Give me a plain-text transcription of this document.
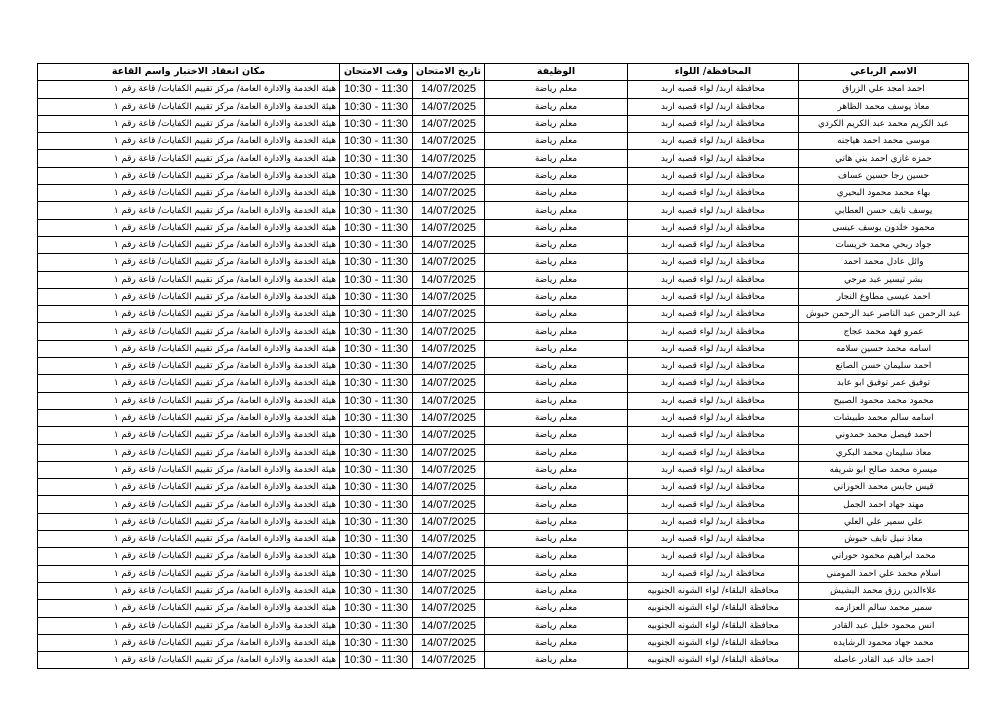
مكان انعقاد الاختبار واسم القاعة	وقت الامتحان	تاريخ الامتحان	الوظيفة	المحافظة/ اللواء	الاسم الرباعي
هيئة الخدمة والادارة العامة/ مركز تقييم الكفايات/ قاعة رقم ١	10:30 - 11:30	14/07/2025	معلم رياضة	محافظة اربد/ لواء قصبه اربد	احمد امجد علي الزراق
هيئة الخدمة والادارة العامة/ مركز تقييم الكفايات/ قاعة رقم ١	10:30 - 11:30	14/07/2025	معلم رياضة	محافظة اربد/ لواء قصبه اربد	معاذ يوسف محمد الظاهر
هيئة الخدمة والادارة العامة/ مركز تقييم الكفايات/ قاعة رقم ١	10:30 - 11:30	14/07/2025	معلم رياضة	محافظة اربد/ لواء قصبه اربد	عبد الكريم محمد عبد الكريم الكردي
هيئة الخدمة والادارة العامة/ مركز تقييم الكفايات/ قاعة رقم ١	10:30 - 11:30	14/07/2025	معلم رياضة	محافظة اربد/ لواء قصبه اربد	موسى محمد احمد هياجنه
هيئة الخدمة والادارة العامة/ مركز تقييم الكفايات/ قاعة رقم ١	10:30 - 11:30	14/07/2025	معلم رياضة	محافظة اربد/ لواء قصبه اربد	حمزه غازي احمد بني هاني
هيئة الخدمة والادارة العامة/ مركز تقييم الكفايات/ قاعة رقم ١	10:30 - 11:30	14/07/2025	معلم رياضة	محافظة اربد/ لواء قصبه اربد	حسين رجا حسين عساف
هيئة الخدمة والادارة العامة/ مركز تقييم الكفايات/ قاعة رقم ١	10:30 - 11:30	14/07/2025	معلم رياضة	محافظة اربد/ لواء قصبه اربد	بهاء محمد محمود البحيري
هيئة الخدمة والادارة العامة/ مركز تقييم الكفايات/ قاعة رقم ١	10:30 - 11:30	14/07/2025	معلم رياضة	محافظة اربد/ لواء قصبه اربد	يوسف نايف حسن العطابي
هيئة الخدمة والادارة العامة/ مركز تقييم الكفايات/ قاعة رقم ١	10:30 - 11:30	14/07/2025	معلم رياضة	محافظة اربد/ لواء قصبه اربد	محمود خلدون يوسف عيسى
هيئة الخدمة والادارة العامة/ مركز تقييم الكفايات/ قاعة رقم ١	10:30 - 11:30	14/07/2025	معلم رياضة	محافظة اربد/ لواء قصبه اربد	جواد ربحي محمد خريسات
هيئة الخدمة والادارة العامة/ مركز تقييم الكفايات/ قاعة رقم ١	10:30 - 11:30	14/07/2025	معلم رياضة	محافظة اربد/ لواء قصبه اربد	وائل عادل محمد احمد
هيئة الخدمة والادارة العامة/ مركز تقييم الكفايات/ قاعة رقم ١	10:30 - 11:30	14/07/2025	معلم رياضة	محافظة اربد/ لواء قصبه اربد	بشر تيسير عبد مرجي
هيئة الخدمة والادارة العامة/ مركز تقييم الكفايات/ قاعة رقم ١	10:30 - 11:30	14/07/2025	معلم رياضة	محافظة اربد/ لواء قصبه اربد	احمد عيسى مطاوع النجار
هيئة الخدمة والادارة العامة/ مركز تقييم الكفايات/ قاعة رقم ١	10:30 - 11:30	14/07/2025	معلم رياضة	محافظة اربد/ لواء قصبه اربد	عبد الرحمن عبد الناصر عبد الرحمن حبوش
هيئة الخدمة والادارة العامة/ مركز تقييم الكفايات/ قاعة رقم ١	10:30 - 11:30	14/07/2025	معلم رياضة	محافظة اربد/ لواء قصبه اربد	عمرو فهد محمد عجاج
هيئة الخدمة والادارة العامة/ مركز تقييم الكفايات/ قاعة رقم ١	10:30 - 11:30	14/07/2025	معلم رياضة	محافظة اربد/ لواء قصبه اربد	اسامه محمد حسين سلامه
هيئة الخدمة والادارة العامة/ مركز تقييم الكفايات/ قاعة رقم ١	10:30 - 11:30	14/07/2025	معلم رياضة	محافظة اربد/ لواء قصبه اربد	احمد سليمان حسن الصانع
هيئة الخدمة والادارة العامة/ مركز تقييم الكفايات/ قاعة رقم ١	10:30 - 11:30	14/07/2025	معلم رياضة	محافظة اربد/ لواء قصبه اربد	توفيق عمر توفيق ابو عابد
هيئة الخدمة والادارة العامة/ مركز تقييم الكفايات/ قاعة رقم ١	10:30 - 11:30	14/07/2025	معلم رياضة	محافظة اربد/ لواء قصبه اربد	محمود محمد محمود الصبيح
هيئة الخدمة والادارة العامة/ مركز تقييم الكفايات/ قاعة رقم ١	10:30 - 11:30	14/07/2025	معلم رياضة	محافظة اربد/ لواء قصبه اربد	اسامه سالم محمد طبيشات
هيئة الخدمة والادارة العامة/ مركز تقييم الكفايات/ قاعة رقم ١	10:30 - 11:30	14/07/2025	معلم رياضة	محافظة اربد/ لواء قصبه اربد	احمد فيصل محمد حمدوني
هيئة الخدمة والادارة العامة/ مركز تقييم الكفايات/ قاعة رقم ١	10:30 - 11:30	14/07/2025	معلم رياضة	محافظة اربد/ لواء قصبه اربد	معاذ سليمان محمد البكري
هيئة الخدمة والادارة العامة/ مركز تقييم الكفايات/ قاعة رقم ١	10:30 - 11:30	14/07/2025	معلم رياضة	محافظة اربد/ لواء قصبه اربد	ميسره محمد صالح ابو شريفه
هيئة الخدمة والادارة العامة/ مركز تقييم الكفايات/ قاعة رقم ١	10:30 - 11:30	14/07/2025	معلم رياضة	محافظة اربد/ لواء قصبه اربد	قيس جابس محمد الحوراني
هيئة الخدمة والادارة العامة/ مركز تقييم الكفايات/ قاعة رقم ١	10:30 - 11:30	14/07/2025	معلم رياضة	محافظة اربد/ لواء قصبه اربد	مهند جهاد احمد الجمل
هيئة الخدمة والادارة العامة/ مركز تقييم الكفايات/ قاعة رقم ١	10:30 - 11:30	14/07/2025	معلم رياضة	محافظة اربد/ لواء قصبه اربد	علي سمير علي العلي
هيئة الخدمة والادارة العامة/ مركز تقييم الكفايات/ قاعة رقم ١	10:30 - 11:30	14/07/2025	معلم رياضة	محافظة اربد/ لواء قصبه اربد	معاذ نبيل نايف حبوش
هيئة الخدمة والادارة العامة/ مركز تقييم الكفايات/ قاعة رقم ١	10:30 - 11:30	14/07/2025	معلم رياضة	محافظة اربد/ لواء قصبه اربد	محمد ابراهيم محمود حوراني
هيئة الخدمة والادارة العامة/ مركز تقييم الكفايات/ قاعة رقم ١	10:30 - 11:30	14/07/2025	معلم رياضة	محافظة اربد/ لواء قصبه اربد	اسلام محمد علي احمد المومني
هيئة الخدمة والادارة العامة/ مركز تقييم الكفايات/ قاعة رقم ١	10:30 - 11:30	14/07/2025	معلم رياضة	محافظة البلقاء/ لواء الشونه الجنوبيه	علاءالدين رزق محمد البشيش
هيئة الخدمة والادارة العامة/ مركز تقييم الكفايات/ قاعة رقم ١	10:30 - 11:30	14/07/2025	معلم رياضة	محافظة البلقاء/ لواء الشونه الجنوبيه	سمير محمد سالم العزازمه
هيئة الخدمة والادارة العامة/ مركز تقييم الكفايات/ قاعة رقم ١	10:30 - 11:30	14/07/2025	معلم رياضة	محافظة البلقاء/ لواء الشونه الجنوبيه	انس محمود خليل عبد القادر
هيئة الخدمة والادارة العامة/ مركز تقييم الكفايات/ قاعة رقم ١	10:30 - 11:30	14/07/2025	معلم رياضة	محافظة البلقاء/ لواء الشونه الجنوبيه	محمد جهاد محمود الرشايده
هيئة الخدمة والادارة العامة/ مركز تقييم الكفايات/ قاعة رقم ١	10:30 - 11:30	14/07/2025	معلم رياضة	محافظة البلقاء/ لواء الشونه الجنوبيه	احمد خالد عبد القادر عاصله
